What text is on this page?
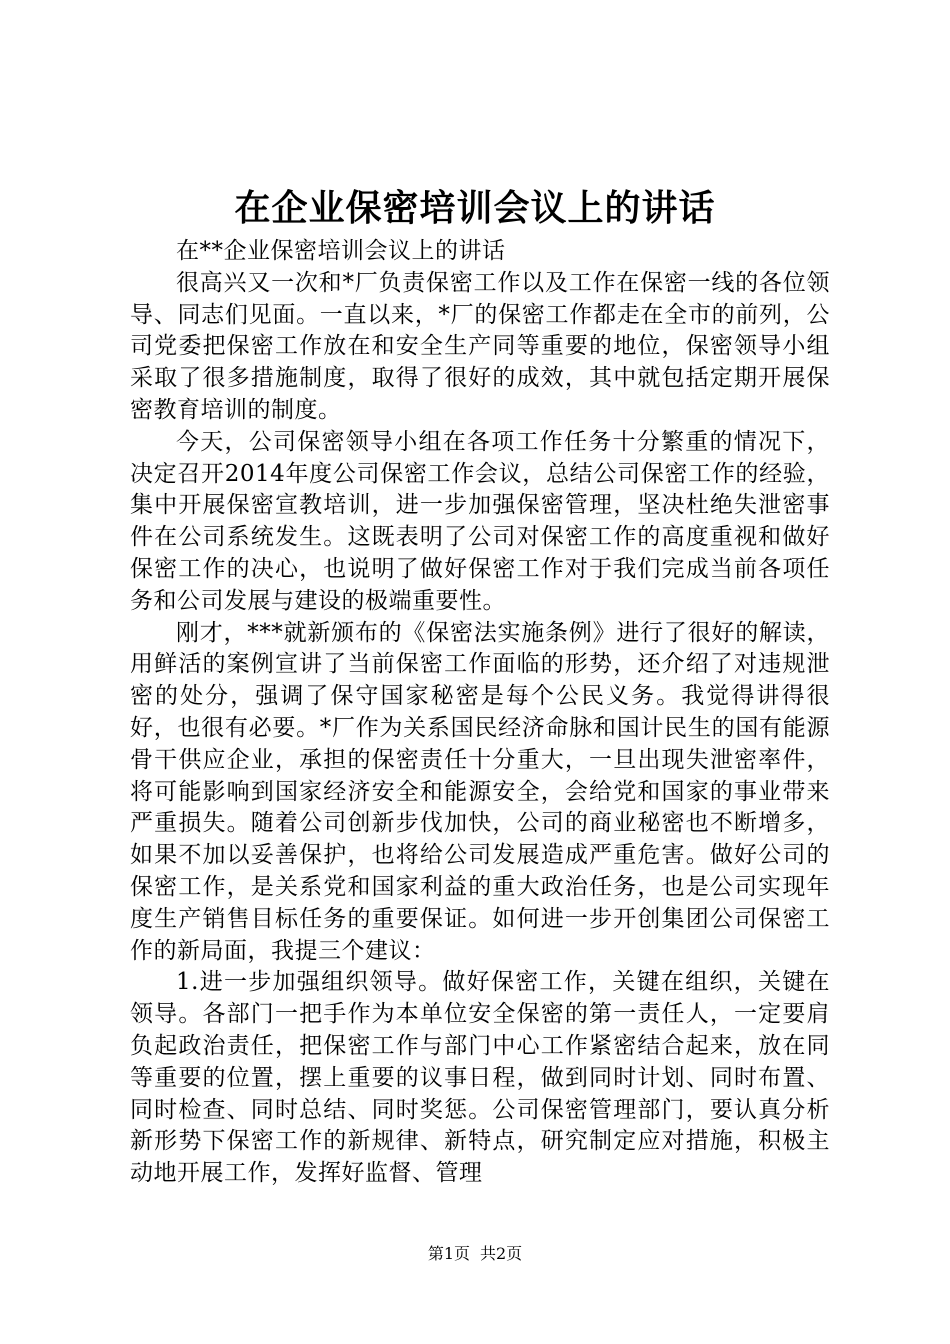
在企业保密培训会议上的讲话

在**企业保密培训会议上的讲话

很高兴又一次和*厂负责保密工作以及工作在保密一线的各位领导、同志们见面。一直以来，*厂的保密工作都走在全市的前列，公司党委把保密工作放在和安全生产同等重要的地位，保密领导小组采取了很多措施制度，取得了很好的成效，其中就包括定期开展保密教育培训的制度。

今天，公司保密领导小组在各项工作任务十分繁重的情况下，决定召开2014年度公司保密工作会议，总结公司保密工作的经验，集中开展保密宣教培训，进一步加强保密管理，坚决杜绝失泄密事件在公司系统发生。这既表明了公司对保密工作的高度重视和做好保密工作的决心，也说明了做好保密工作对于我们完成当前各项任务和公司发展与建设的极端重要性。

刚才，***就新颁布的《保密法实施条例》进行了很好的解读，用鲜活的案例宣讲了当前保密工作面临的形势，还介绍了对违规泄密的处分，强调了保守国家秘密是每个公民义务。我觉得讲得很好，也很有必要。*厂作为关系国民经济命脉和国计民生的国有能源骨干供应企业，承担的保密责任十分重大，一旦出现失泄密率件，将可能影响到国家经济安全和能源安全，会给党和国家的事业带来严重损失。随着公司创新步伐加快，公司的商业秘密也不断增多，如果不加以妥善保护，也将给公司发展造成严重危害。做好公司的保密工作，是关系党和国家利益的重大政治任务，也是公司实现年度生产销售目标任务的重要保证。如何进一步开创集团公司保密工作的新局面，我提三个建议：

1.进一步加强组织领导。做好保密工作，关键在组织，关键在领导。各部门一把手作为本单位安全保密的第一责任人，一定要肩负起政治责任，把保密工作与部门中心工作紧密结合起来，放在同等重要的位置，摆上重要的议事日程，做到同时计划、同时布置、同时检查、同时总结、同时奖惩。公司保密管理部门，要认真分析新形势下保密工作的新规律、新特点，研究制定应对措施，积极主动地开展工作，发挥好监督、管理

第1页 共2页
